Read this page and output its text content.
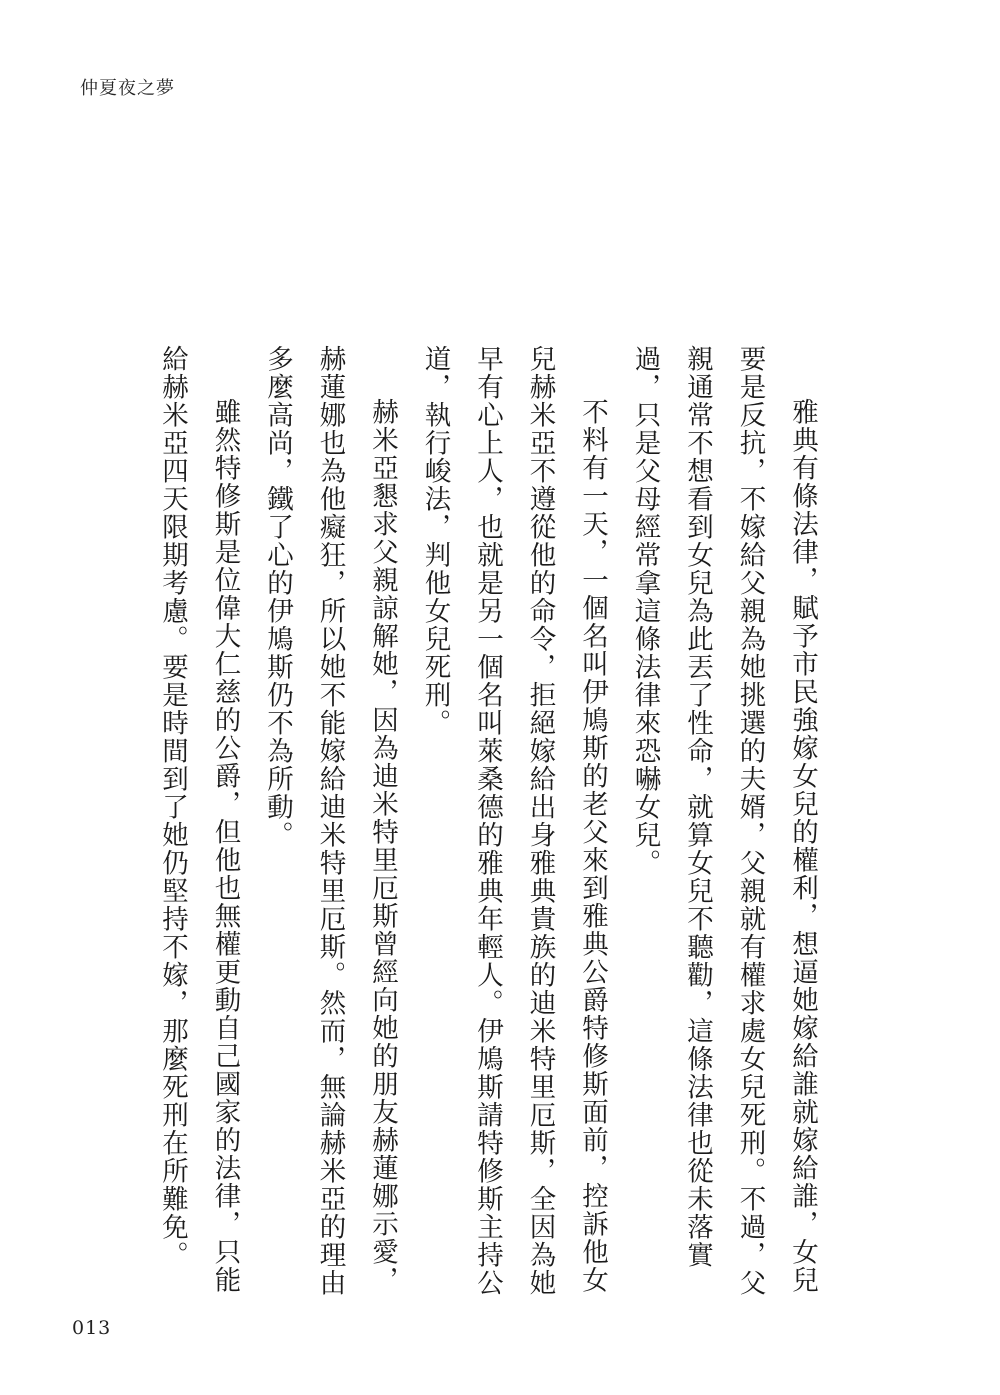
仲夏夜之夢
雅典有條法律，賦予市民強嫁女兒的權利，想逼她嫁給誰就嫁給誰，女兒
要是反抗，不嫁給父親為她挑選的夫婿，父親就有權求處女兒死刑。不過，父
親通常不想看到女兒為此丟了性命，就算女兒不聽勸，這條法律也從未落實
過，只是父母經常拿這條法律來恐嚇女兒。
不料有一天，一個名叫伊鳩斯的老父來到雅典公爵特修斯面前，控訴他女
兒赫米亞不遵從他的命令，拒絕嫁給出身雅典貴族的迪米特里厄斯，全因為她
早有心上人，也就是另一個名叫萊桑德的雅典年輕人。伊鳩斯請特修斯主持公
道，執行峻法，判他女兒死刑。
赫米亞懇求父親諒解她，因為迪米特里厄斯曾經向她的朋友赫蓮娜示愛，
赫蓮娜也為他癡狂，所以她不能嫁給迪米特里厄斯。然而，無論赫米亞的理由
多麼高尚，鐵了心的伊鳩斯仍不為所動。
雖然特修斯是位偉大仁慈的公爵，但他也無權更動自己國家的法律，只能
給赫米亞四天限期考慮。要是時間到了她仍堅持不嫁，那麼死刑在所難免。
013
